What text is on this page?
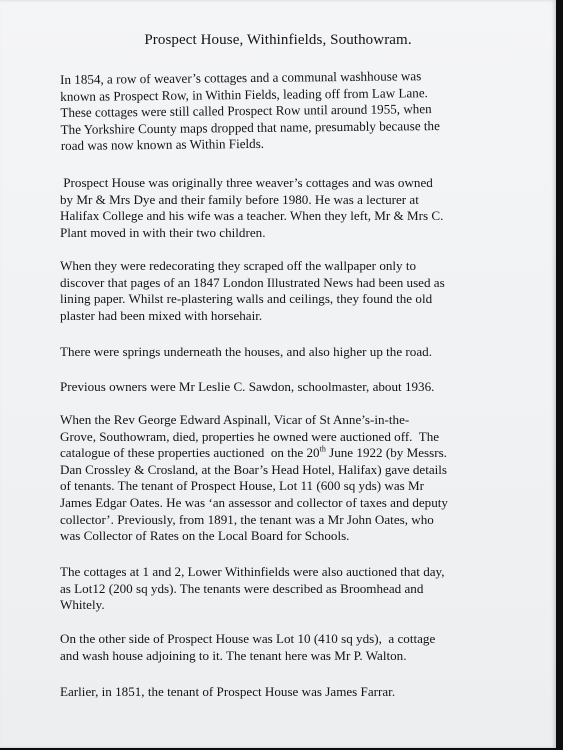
Prospect House, Withinfields, Southowram.

In 1854, a row of weaver’s cottages and a communal washhouse was

known as Prospect Row, in Within Fields, leading off from Law Lane.

These cottages were still called Prospect Row until around 1955, when

The Yorkshire County maps dropped that name, presumably because the

road was now known as Within Fields.

Prospect House was originally three weaver’s cottages and was owned

by Mr & Mrs Dye and their family before 1980. He was a lecturer at

Halifax College and his wife was a teacher. When they left, Mr & Mrs C.

Plant moved in with their two children.

When they were redecorating they scraped off the wallpaper only to

discover that pages of an 1847 London Illustrated News had been used as

lining paper. Whilst re-plastering walls and ceilings, they found the old

plaster had been mixed with horsehair.

There were springs underneath the houses, and also higher up the road.

Previous owners were Mr Leslie C. Sawdon, schoolmaster, about 1936.

When the Rev George Edward Aspinall, Vicar of St Anne’s-in-the-

Grove, Southowram, died, properties he owned were auctioned off.  The

catalogue of these properties auctioned  on the 20th June 1922 (by Messrs.

Dan Crossley & Crosland, at the Boar’s Head Hotel, Halifax) gave details

of tenants. The tenant of Prospect House, Lot 11 (600 sq yds) was Mr

James Edgar Oates. He was ‘an assessor and collector of taxes and deputy

collector’. Previously, from 1891, the tenant was a Mr John Oates, who

was Collector of Rates on the Local Board for Schools.

The cottages at 1 and 2, Lower Withinfields were also auctioned that day,

as Lot12 (200 sq yds). The tenants were described as Broomhead and

Whitely.

On the other side of Prospect House was Lot 10 (410 sq yds),  a cottage

and wash house adjoining to it. The tenant here was Mr P. Walton.

Earlier, in 1851, the tenant of Prospect House was James Farrar.
